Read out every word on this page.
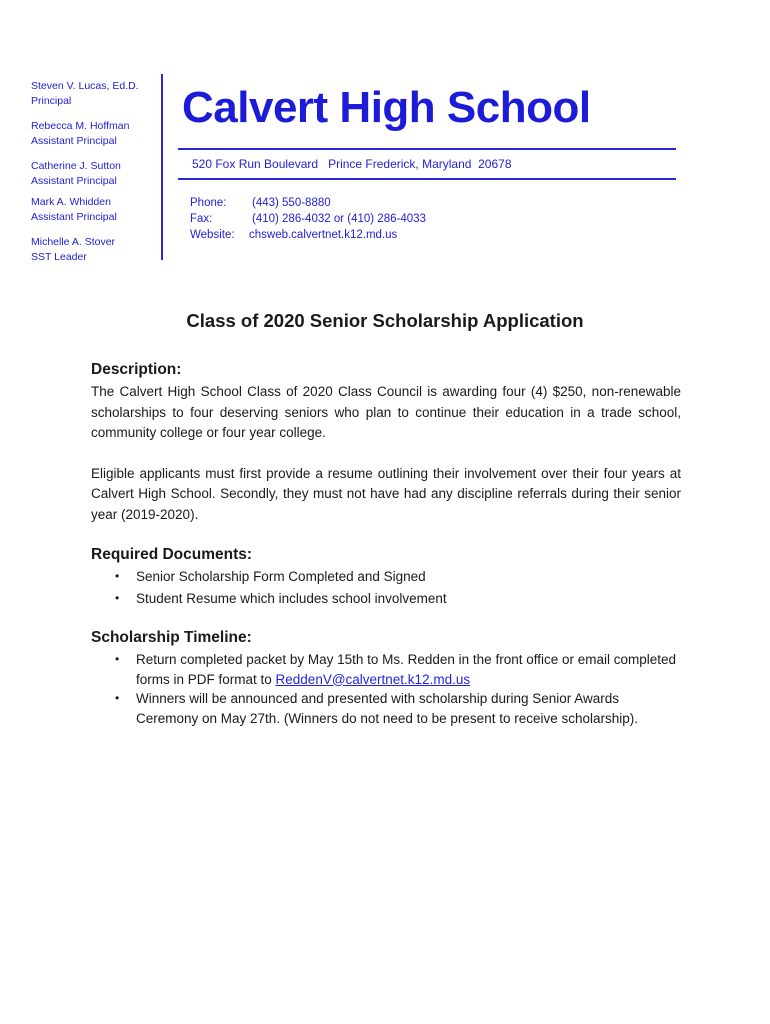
Steven V. Lucas, Ed.D.
Principal
Rebecca M. Hoffman
Assistant Principal
Catherine J. Sutton
Assistant Principal
Mark A. Whidden
Assistant Principal
Michelle A. Stover
SST Leader
Calvert High School
520 Fox Run Boulevard   Prince Frederick, Maryland  20678
Phone:	(443) 550-8880
Fax:	(410) 286-4032 or (410) 286-4033
Website:	chsweb.calvertnet.k12.md.us
Class of 2020 Senior Scholarship Application
Description:

The Calvert High School Class of 2020 Class Council is awarding four (4) $250, non-renewable scholarships to four deserving seniors who plan to continue their education in a trade school, community college or four year college.

Eligible applicants must first provide a resume outlining their involvement over their four years at Calvert High School. Secondly, they must not have had any discipline referrals during their senior year (2019-2020).

Required Documents:
• Senior Scholarship Form Completed and Signed
• Student Resume which includes school involvement
Scholarship Timeline:
• Return completed packet by May 15th to Ms. Redden in the front office or email completed forms in PDF format to ReddenV@calvertnet.k12.md.us
• Winners will be announced and presented with scholarship during Senior Awards Ceremony on May 27th. (Winners do not need to be present to receive scholarship).
